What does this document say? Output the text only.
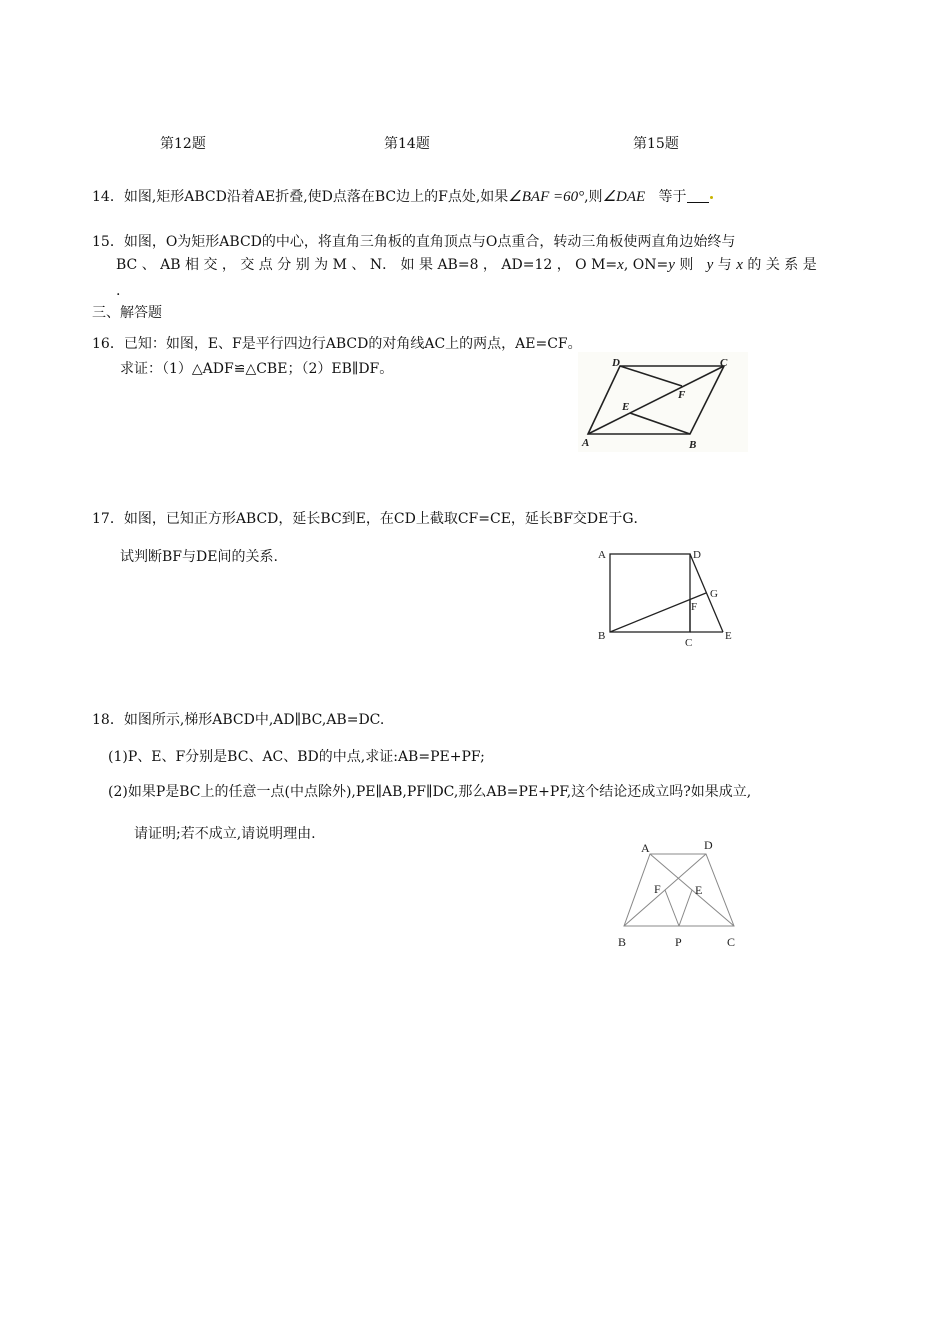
第12题	第14题	第15题
14．如图,矩形ABCD沿着AE折叠,使D点落在BC边上的F点处,如果∠BAF =60°,则∠DAE 等于
15．如图，O为矩形ABCD的中心，将直角三角板的直角顶点与O点重合，转动三角板使两直角边始终与
BC 、 AB 相 交 ， 交 点 分 别 为 M 、 N． 如 果 AB=8 ， AD=12 ， O M=x, ON=y 则 y 与 x 的 关 系 是
.
三、解答题
16．已知：如图，E、F是平行四边行ABCD的对角线AC上的两点，AE=CF。
求证：（1）△ADF≌△CBE；（2）EB∥DF。
A	B
C
D
E
F
17．如图，已知正方形ABCD，延长BC到E，在CD上截取CF=CE，延长BF交DE于G．
试判断BF与DE间的关系.	A	D
B
C
E
F
G
18．如图所示,梯形ABCD中,AD∥BC,AB=DC.
(1)P、E、F分别是BC、AC、BD的中点,求证:AB=PE+PF;
(2)如果P是BC上的任意一点(中点除外),PE∥AB,PF∥DC,那么AB=PE+PF,这个结论还成立吗?如果成立,
请证明;若不成立,请说明理由.
A	D
F	E
B	P	C
